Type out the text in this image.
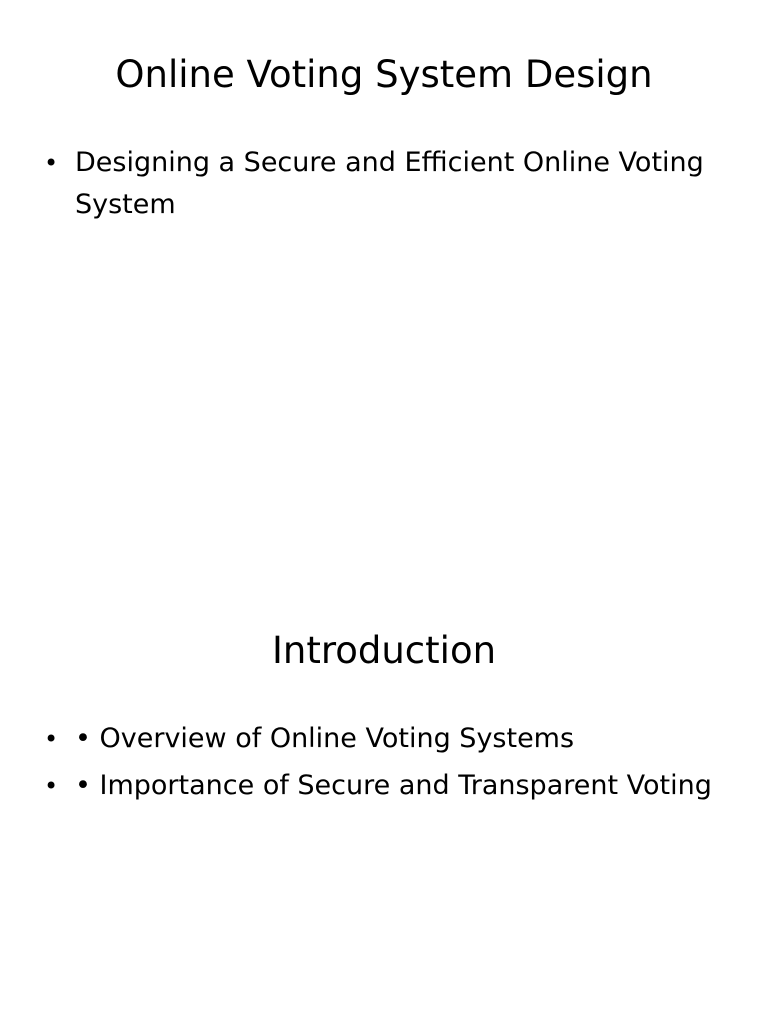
Online Voting System Design
• Designing a Secure and Efficient Online Voting System
Introduction
• • Overview of Online Voting Systems
• • Importance of Secure and Transparent Voting
